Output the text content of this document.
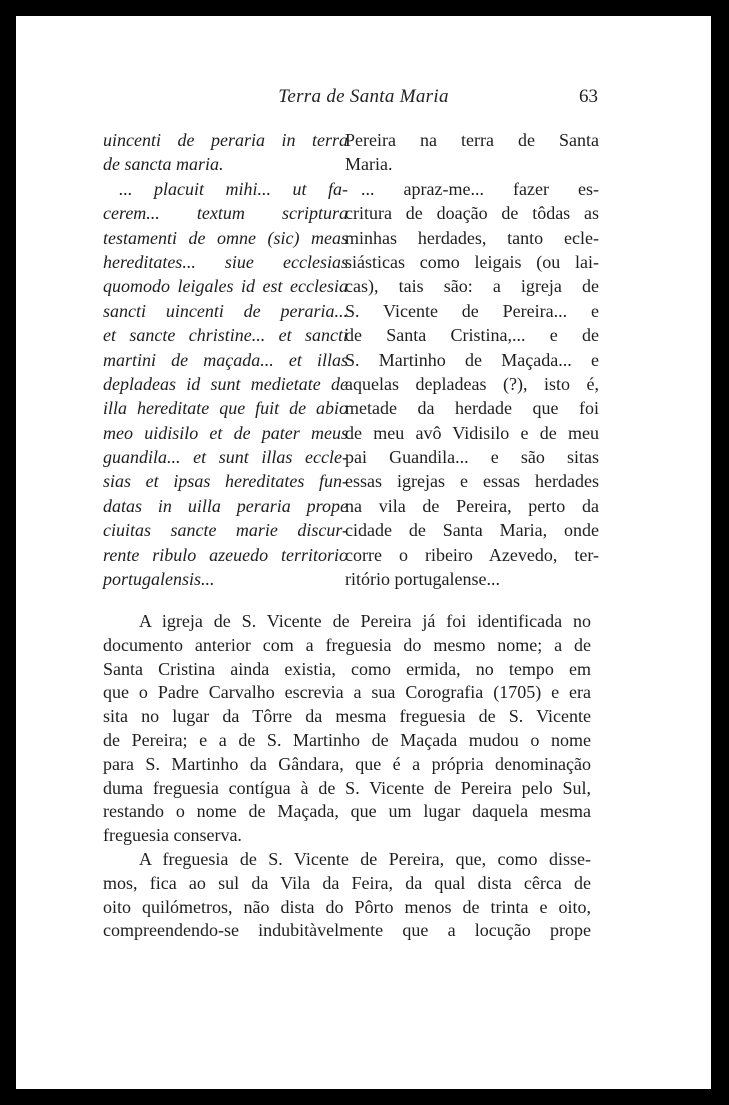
Terra de Santa Maria	63
uincenti de peraria in terra
de sancta maria.
... placuit mihi... ut fa-
cerem... textum scriptura
testamenti de omne (sic) meas
hereditates... siue ecclesias
quomodo leigales id est ecclesia
sancti uincenti de peraria...
et sancte christine... et sancti
martini de maçada... et illas
depladeas id sunt medietate de
illa hereditate que fuit de abio
meo uidisilo et de pater meus
guandila... et sunt illas eccle-
sias et ipsas hereditates fun-
datas in uilla peraria prope
ciuitas sancte marie discur-
rente ribulo azeuedo territorio
portugalensis...
Pereira na terra de Santa
Maria.
... apraz-me... fazer es-
critura de doação de tôdas as
minhas herdades, tanto ecle-
siásticas como leigais (ou lai-
cas), tais são: a igreja de
S. Vicente de Pereira... e
de Santa Cristina,... e de
S. Martinho de Maçada... e
aquelas depladeas (?), isto é,
metade da herdade que foi
de meu avô Vidisilo e de meu
pai Guandila... e são sitas
essas igrejas e essas herdades
na vila de Pereira, perto da
cidade de Santa Maria, onde
corre o ribeiro Azevedo, ter-
ritório portugalense...
A igreja de S. Vicente de Pereira já foi identificada no
documento anterior com a freguesia do mesmo nome; a de
Santa Cristina ainda existia, como ermida, no tempo em
que o Padre Carvalho escrevia a sua Corografia (1705) e era
sita no lugar da Tôrre da mesma freguesia de S. Vicente
de Pereira; e a de S. Martinho de Maçada mudou o nome
para S. Martinho da Gândara, que é a própria denominação
duma freguesia contígua à de S. Vicente de Pereira pelo Sul,
restando o nome de Maçada, que um lugar daquela mesma
freguesia conserva.
A freguesia de S. Vicente de Pereira, que, como disse-
mos, fica ao sul da Vila da Feira, da qual dista cêrca de
oito quilómetros, não dista do Pôrto menos de trinta e oito,
compreendendo-se indubitàvelmente que a locução prope
